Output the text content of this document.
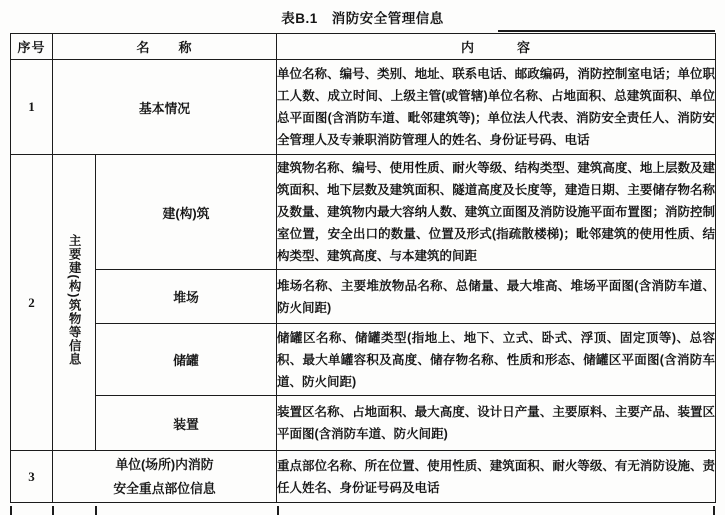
表B.1　消防安全管理信息
序号	名　　称		内　　　容
1	基本情况		单位名称、编号、类别、地址、联系电话、邮政编码，消防控制室电话；单位职工人数、成立时间、上级主管(或管辖)单位名称、占地面积、总建筑面积、单位总平面图(含消防车道、毗邻建筑等)；单位法人代表、消防安全责任人、消防安全管理人及专兼职消防管理人的姓名、身份证号码、电话
2	主要建(构)筑物等信息	建(构)筑	建筑物名称、编号、使用性质、耐火等级、结构类型、建筑高度、地上层数及建筑面积、地下层数及建筑面积、隧道高度及长度等，建造日期、主要储存物名称及数量、建筑物内最大容纳人数、建筑立面图及消防设施平面布置图；消防控制室位置，安全出口的数量、位置及形式(指疏散楼梯)；毗邻建筑的使用性质、结构类型、建筑高度、与本建筑的间距
		堆场	堆场名称、主要堆放物品名称、总储量、最大堆高、堆场平面图(含消防车道、防火间距)
		储罐	储罐区名称、储罐类型(指地上、地下、立式、卧式、浮顶、固定顶等)、总容积、最大单罐容积及高度、储存物名称、性质和形态、储罐区平面图(含消防车道、防火间距)
		装置	装置区名称、占地面积、最大高度、设计日产量、主要原料、主要产品、装置区平面图(含消防车道、防火间距)
3	单位(场所)内消防
安全重点部位信息		重点部位名称、所在位置、使用性质、建筑面积、耐火等级、有无消防设施、责任人姓名、身份证号码及电话
